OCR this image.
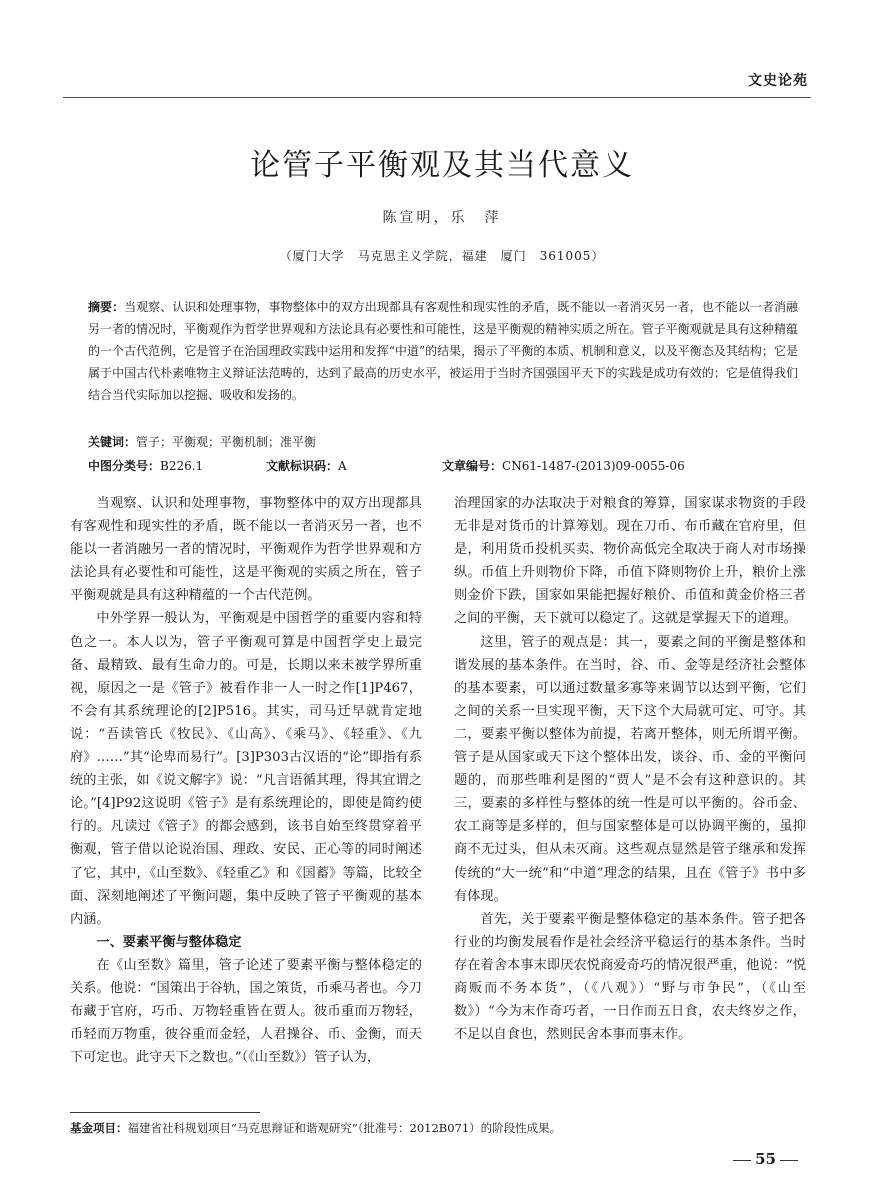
文史论苑
论管子平衡观及其当代意义
陈宣明，乐　萍
（厦门大学　马克思主义学院，福建　厦门　361005）
摘要：当观察、认识和处理事物，事物整体中的双方出现都具有客观性和现实性的矛盾，既不能以一者消灭另一者，也不能以一者消融另一者的情况时，平衡观作为哲学世界观和方法论具有必要性和可能性，这是平衡观的精神实质之所在。管子平衡观就是具有这种精蕴的一个古代范例，它是管子在治国理政实践中运用和发挥“中道”的结果，揭示了平衡的本质、机制和意义，以及平衡态及其结构；它是属于中国古代朴素唯物主义辩证法范畴的，达到了最高的历史水平，被运用于当时齐国强国平天下的实践是成功有效的；它是值得我们结合当代实际加以挖掘、吸收和发扬的。
关键词：管子；平衡观；平衡机制；准平衡
中图分类号：B226.1	文献标识码：A	文章编号：CN61-1487-(2013)09-0055-06

当观察、认识和处理事物，事物整体中的双方出现都具有客观性和现实性的矛盾，既不能以一者消灭另一者，也不能以一者消融另一者的情况时，平衡观作为哲学世界观和方法论具有必要性和可能性，这是平衡观的实质之所在，管子平衡观就是具有这种精蕴的一个古代范例。

中外学界一般认为，平衡观是中国哲学的重要内容和特色之一。本人以为，管子平衡观可算是中国哲学史上最完备、最精致、最有生命力的。可是，长期以来未被学界所重视，原因之一是《管子》被看作非一人一时之作[1]P467，不会有其系统理论的[2]P516。其实，司马迁早就肯定地说：“吾读管氏《牧民》、《山高》、《乘马》、《轻重》、《九府》……”其“论卑而易行”。[3]P303古汉语的“论”即指有系统的主张，如《说文解字》说：“凡言语循其理，得其宜谓之论。”[4]P92这说明《管子》是有系统理论的，即使是简约使行的。凡读过《管子》的都会感到，该书自始至终贯穿着平衡观，管子借以论说治国、理政、安民、正心等的同时阐述了它，其中，《山至数》、《轻重乙》和《国蓄》等篇，比较全面、深刻地阐述了平衡问题，集中反映了管子平衡观的基本内涵。

一、要素平衡与整体稳定

在《山至数》篇里，管子论述了要素平衡与整体稳定的关系。他说：“国策出于谷轨，国之策货，币乘马者也。今刀布藏于官府，巧币、万物轻重皆在贾人。彼币重而万物轻，币轻而万物重，彼谷重而金轻，人君操谷、币、金衡，而天下可定也。此守天下之数也。”（《山至数》）管子认为，

治理国家的办法取决于对粮食的筹算，国家谋求物资的手段无非是对货币的计算筹划。现在刀币、布币藏在官府里，但是，利用货币投机买卖、物价高低完全取决于商人对市场操纵。币值上升则物价下降，币值下降则物价上升，粮价上涨则金价下跌，国家如果能把握好粮价、币值和黄金价格三者之间的平衡，天下就可以稳定了。这就是掌握天下的道理。

这里，管子的观点是：其一，要素之间的平衡是整体和谐发展的基本条件。在当时，谷、币、金等是经济社会整体的基本要素，可以通过数量多寡等来调节以达到平衡，它们之间的关系一旦实现平衡，天下这个大局就可定、可守。其二，要素平衡以整体为前提，若离开整体，则无所谓平衡。管子是从国家或天下这个整体出发，谈谷、币、金的平衡问题的，而那些唯利是图的“贾人”是不会有这种意识的。其三，要素的多样性与整体的统一性是可以平衡的。谷币金、农工商等是多样的，但与国家整体是可以协调平衡的，虽抑商不无过头，但从未灭商。这些观点显然是管子继承和发挥传统的“大一统”和“中道”理念的结果，且在《管子》书中多有体现。

首先，关于要素平衡是整体稳定的基本条件。管子把各行业的均衡发展看作是社会经济平稳运行的基本条件。当时存在着舍本事末即厌农悦商爱奇巧的情况很严重，他说：“悦商贩而不务本货”，（《八观》）“野与市争民”，（《山至数》）“今为末作奇巧者，一日作而五日食，农夫终岁之作，不足以自食也，然则民舍本事而事末作。

基金项目：福建省社科规划项目“马克思辩证和谐观研究”（批准号：2012B071）的阶段性成果。
55
